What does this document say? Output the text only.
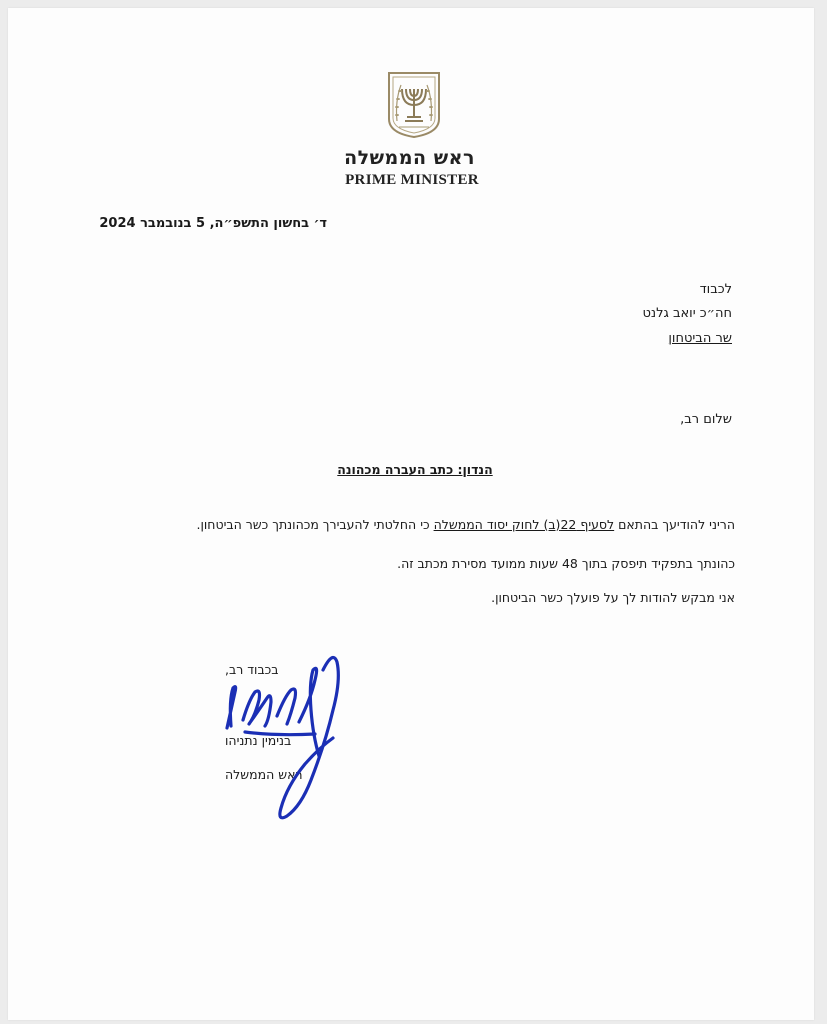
ראש הממשלה
PRIME MINISTER
ד׳ בחשון התשפ״ה, 5 בנובמבר 2024
לכבוד
חה״כ יואב גלנט
שר הביטחון
שלום רב,
הנדון: כתב העברה מכהונה
הריני להודיעך בהתאם לסעיף 22(ב) לחוק יסוד הממשלה כי החלטתי להעבירך מכהונתך כשר הביטחון.
כהונתך בתפקיד תיפסק בתוך 48 שעות ממועד מסירת מכתב זה.
אני מבקש להודות לך על פועלך כשר הביטחון.
בכבוד רב,
בנימין נתניהו
ראש הממשלה
